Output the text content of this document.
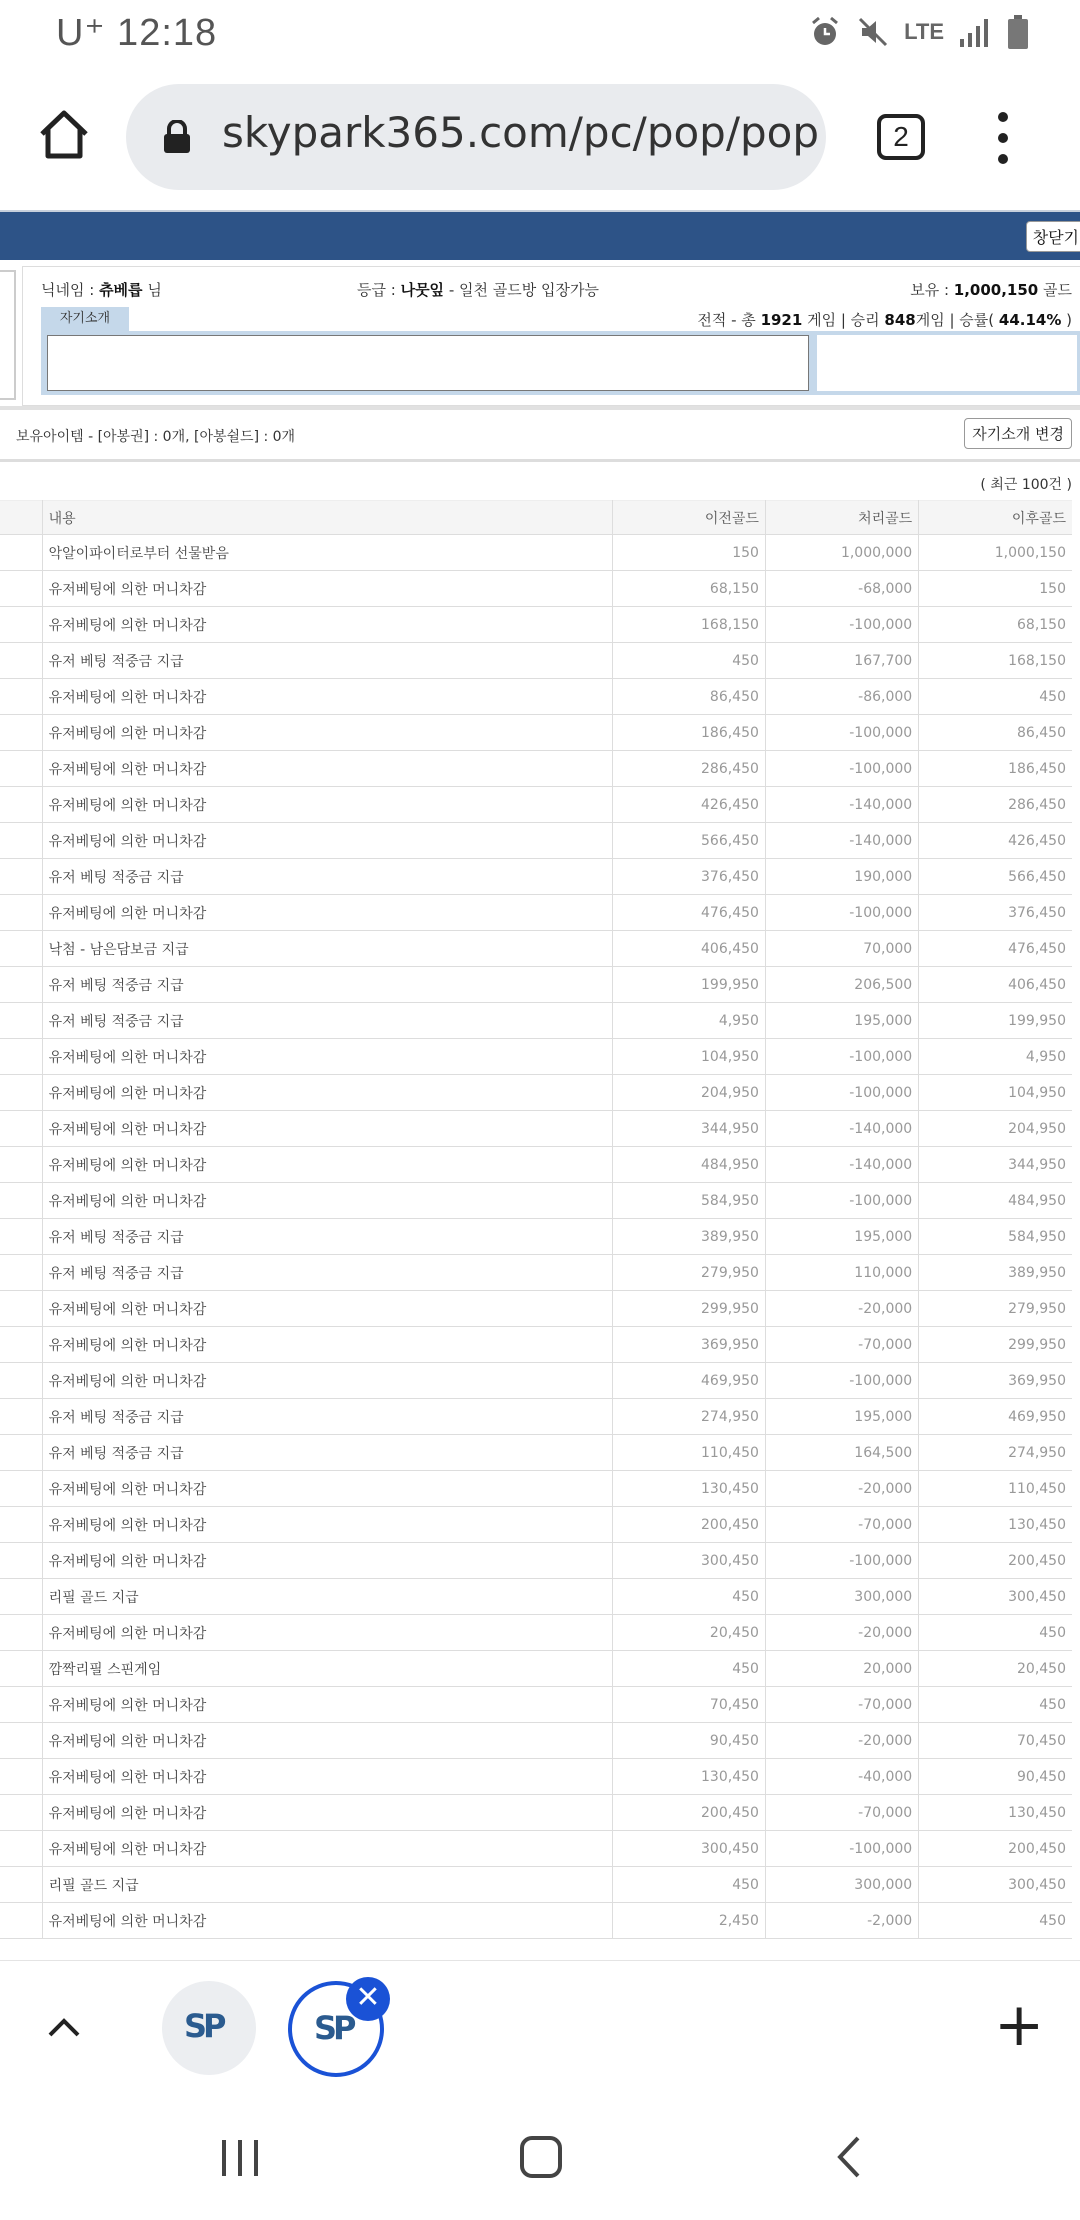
U⁺ 12:18	LTE
skypark365.com/pc/pop/pop	2
창닫기
닉네임 : 츄베릅 님	등급 : 나뭇잎 - 일천 골드방 입장가능	보유 : 1,000,150 골드
자기소개	전적 - 총 1921 게임 | 승리 848게임 | 승률( 44.14% )
보유아이템 - [아봉권] : 0개, [아봉쉴드] : 0개	자기소개 변경
( 최근 100건 )
	내용	이전골드	처리골드	이후골드
	악알이파이터로부터 선물받음	150	1,000,000	1,000,150
	유저베팅에 의한 머니차감	68,150	-68,000	150
	유저베팅에 의한 머니차감	168,150	-100,000	68,150
	유저 베팅 적중금 지급	450	167,700	168,150
	유저베팅에 의한 머니차감	86,450	-86,000	450
	유저베팅에 의한 머니차감	186,450	-100,000	86,450
	유저베팅에 의한 머니차감	286,450	-100,000	186,450
	유저베팅에 의한 머니차감	426,450	-140,000	286,450
	유저베팅에 의한 머니차감	566,450	-140,000	426,450
	유저 베팅 적중금 지급	376,450	190,000	566,450
	유저베팅에 의한 머니차감	476,450	-100,000	376,450
	낙첨 - 남은담보금 지급	406,450	70,000	476,450
	유저 베팅 적중금 지급	199,950	206,500	406,450
	유저 베팅 적중금 지급	4,950	195,000	199,950
	유저베팅에 의한 머니차감	104,950	-100,000	4,950
	유저베팅에 의한 머니차감	204,950	-100,000	104,950
	유저베팅에 의한 머니차감	344,950	-140,000	204,950
	유저베팅에 의한 머니차감	484,950	-140,000	344,950
	유저베팅에 의한 머니차감	584,950	-100,000	484,950
	유저 베팅 적중금 지급	389,950	195,000	584,950
	유저 베팅 적중금 지급	279,950	110,000	389,950
	유저베팅에 의한 머니차감	299,950	-20,000	279,950
	유저베팅에 의한 머니차감	369,950	-70,000	299,950
	유저베팅에 의한 머니차감	469,950	-100,000	369,950
	유저 베팅 적중금 지급	274,950	195,000	469,950
	유저 베팅 적중금 지급	110,450	164,500	274,950
	유저베팅에 의한 머니차감	130,450	-20,000	110,450
	유저베팅에 의한 머니차감	200,450	-70,000	130,450
	유저베팅에 의한 머니차감	300,450	-100,000	200,450
	리필 골드 지급	450	300,000	300,450
	유저베팅에 의한 머니차감	20,450	-20,000	450
	깜짝리필 스핀게임	450	20,000	20,450
	유저베팅에 의한 머니차감	70,450	-70,000	450
	유저베팅에 의한 머니차감	90,450	-20,000	70,450
	유저베팅에 의한 머니차감	130,450	-40,000	90,450
	유저베팅에 의한 머니차감	200,450	-70,000	130,450
	유저베팅에 의한 머니차감	300,450	-100,000	200,450
	리필 골드 지급	450	300,000	300,450
	유저베팅에 의한 머니차감	2,450	-2,000	450
SP	SP
✕	+
